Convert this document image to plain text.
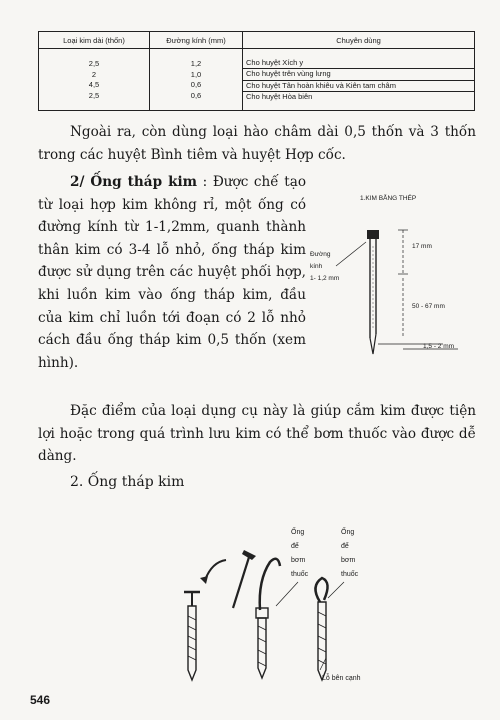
Loại kim dài (thốn)	Đường kính (mm)	Chuyên dùng
2,5
2
4,5
2,5
1,2
1,0
0,6
0,6
Cho huyệt Xích y
Cho huyệt trên vùng lưng
Cho huyệt Tân hoàn khiêu và Kiên tam châm
Cho huyệt Hòa biên

Ngoài ra, còn dùng loại hào châm dài 0,5 thốn và 3 thốn trong các huyệt Bình tiêm và huyệt Hợp cốc.

2/ Ống tháp kim : Được chế tạo từ loại hợp kim không rỉ, một ống có đường kính từ 1-1,2mm, quanh thành thân kim có 3-4 lỗ nhỏ, ống tháp kim được sử dụng trên các huyệt phối hợp, khi luồn kim vào ống tháp kim, đầu của kim chỉ luồn tới đoạn có 2 lỗ nhỏ cách đầu ống tháp kim 0,5 thốn (xem hình).

1.KIM BẰNG THÉP
Đường
kính
1- 1,2 mm
17 mm
50 - 67 mm
1,5 - 2 mm

Đặc điểm của loại dụng cụ này là giúp cắm kim được tiện lợi hoặc trong quá trình lưu kim có thể bơm thuốc vào được dễ dàng.

2. Ống tháp kim

Ống
để
bơm
thuốc
Ống
để
bơm
thuốc
Lỗ bên cạnh
546
